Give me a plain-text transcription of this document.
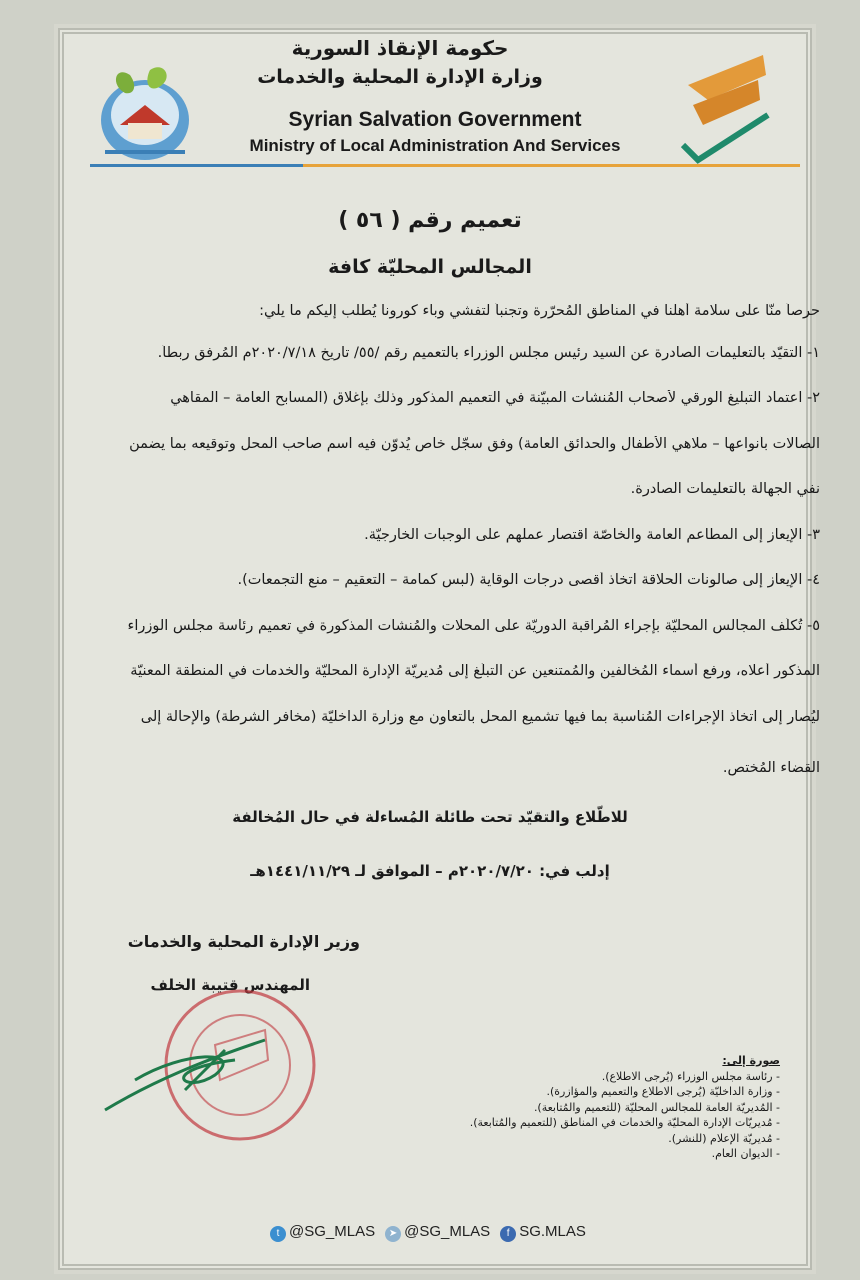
حكومة الإنقاذ السورية
وزارة الإدارة المحلية والخدمات
Syrian Salvation Government
Ministry of Local Administration And Services
تعميم رقم ( ٥٦ )
المجالس المحليّة كافة
حرصاً منّا على سلامة أهلنا في المناطق المُحرّرة وتجنباً لتفشي وباء كورونا يُطلب إليكم ما يلي:
١- التقيّد بالتعليمات الصادرة عن السيد رئيس مجلس الوزراء بالتعميم رقم /٥٥/ تاريخ ٢٠٢٠/٧/١٨م المُرفق ربطاً.
٢- اعتماد التبليغ الورقي لأصحاب المُنشآت المبيّنة في التعميم المذكور وذلك بإغلاق (المسابح العامة – المقاهي
الصالات بأنواعها – ملاهي الأطفال والحدائق العامة) وفق سجّل خاص يُدوّن فيه اسم صاحب المحل وتوقيعه بما يضمن
نفي الجهالة بالتعليمات الصادرة.
٣- الإيعاز إلى المطاعم العامة والخاصّة اقتصار عملهم على الوجبات الخارجيّة.
٤- الإيعاز إلى صالونات الحلاقة اتخاذ أقصى درجات الوقاية (لبس كمامة – التعقيم – منع التجمعات).
٥- تُكلّف المجالس المحليّة بإجراء المُراقبة الدوريّة على المحلات والمُنشآت المذكورة في تعميم رئاسة مجلس الوزراء
المذكور أعلاه، ورفع أسماء المُخالفين والمُمتنعين عن التبلّغ إلى مُديريّة الإدارة المحليّة والخدمات في المنطقة المعنيّة
ليُصار إلى اتخاذ الإجراءات المُناسبة بما فيها تشميع المحل بالتعاون مع وزارة الداخليّة (مخافر الشرطة) والإحالة إلى
القضاء المُختص.
للاطّلاع والتقيّد تحت طائلة المُساءلة في حال المُخالفة
إدلب في: ٢٠٢٠/٧/٢٠م – الموافق لـ ١٤٤١/١١/٢٩هـ
وزير الإدارة المحلية والخدمات
المهندس قتيبة الخلف
صورة إلى:
- رئاسة مجلس الوزراء (يُرجى الاطلاع).
- وزارة الداخليّة (يُرجى الاطلاع والتعميم والمؤازرة).
- المُديريّة العامة للمجالس المحليّة (للتعميم والمُتابعة).
- مُديريّات الإدارة المحليّة والخدمات في المناطق (للتعميم والمُتابعة).
- مُديريّة الإعلام (للنشر).
- الديوان العام.
t @SG_MLAS	➤ @SG_MLAS	f SG.MLAS
